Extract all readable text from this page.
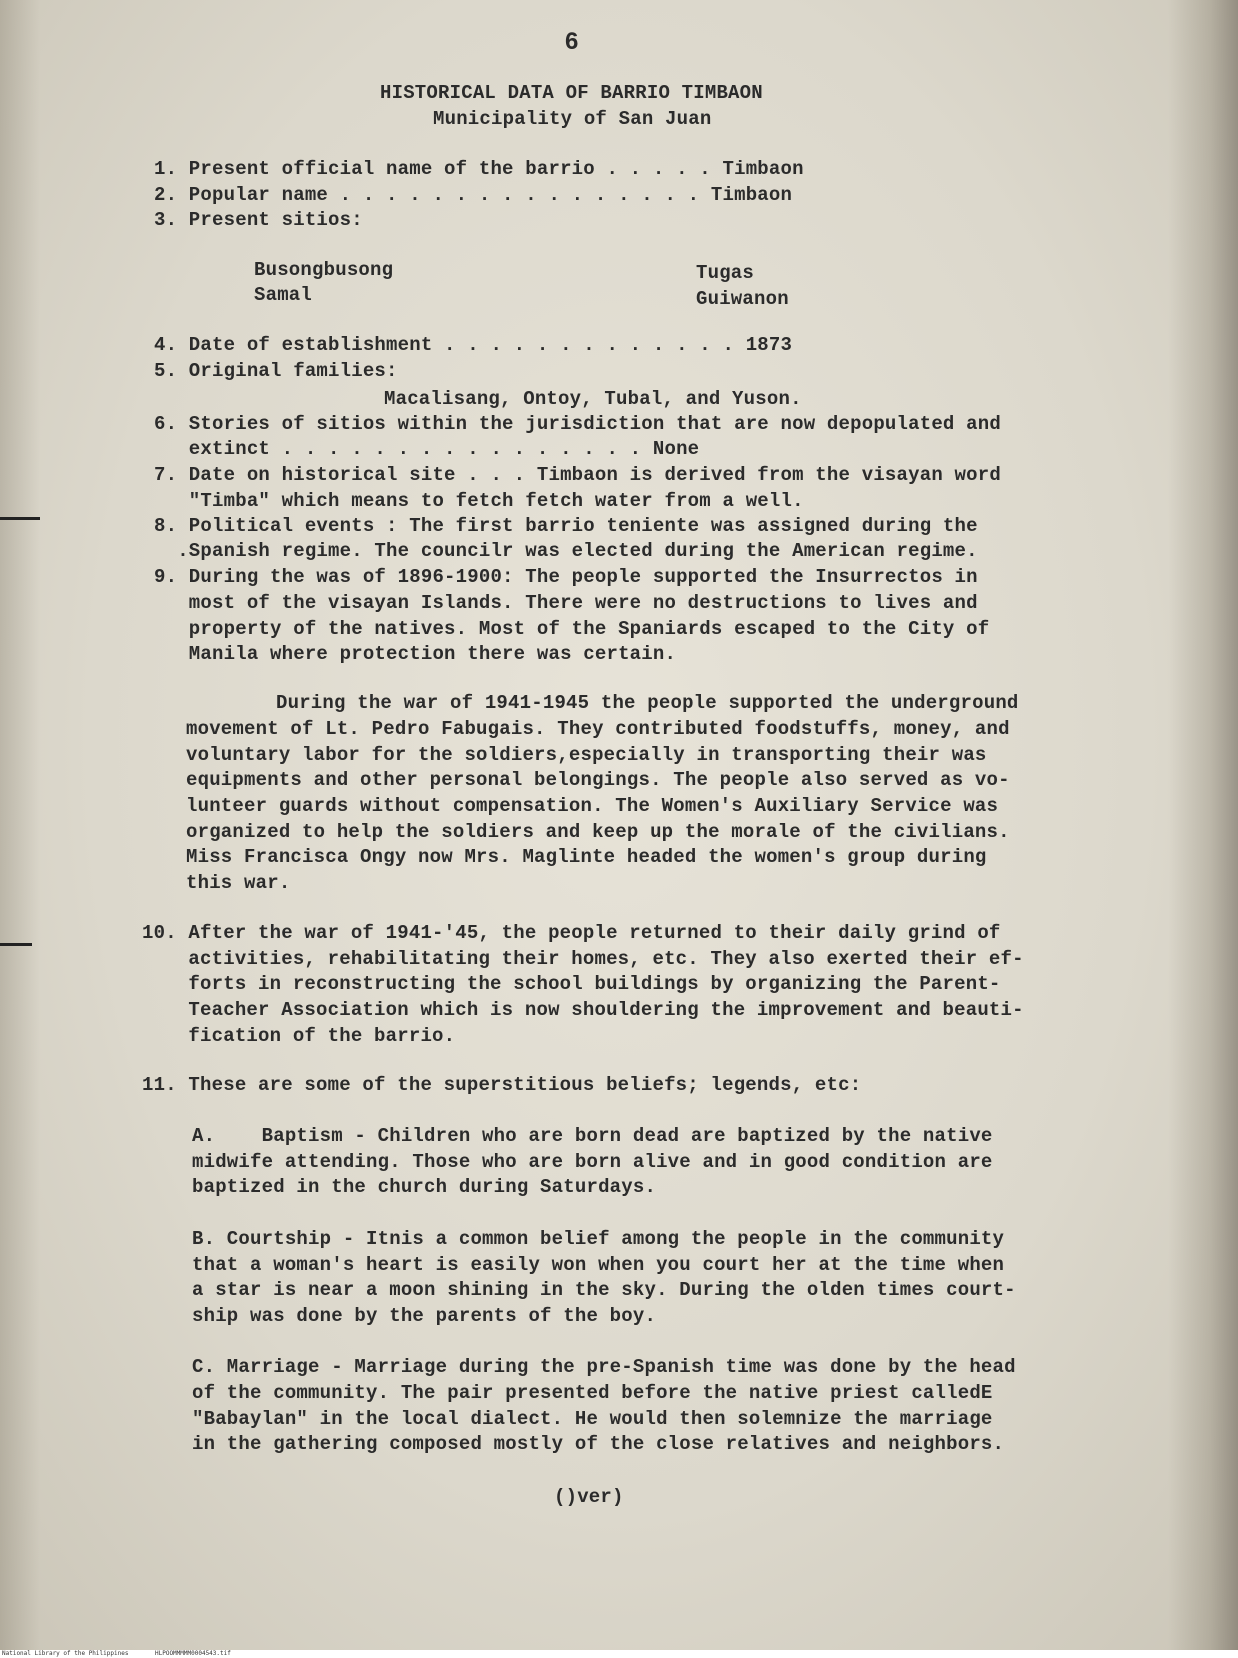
6
HISTORICAL DATA OF BARRIO TIMBAON
Municipality of San Juan
1. Present official name of the barrio . . . . . Timbaon
2. Popular name . . . . . . . . . . . . . . . . Timbaon
3. Present sitios:
Busongbusong
Samal
Tugas
Guiwanon
4. Date of establishment . . . . . . . . . . . . . 1873
5. Original families:
Macalisang, Ontoy, Tubal, and Yuson.
6. Stories of sitios within the jurisdiction that are now depopulated and
extinct . . . . . . . . . . . . . . . . None
7. Date on historical site . . . Timbaon is derived from the visayan word
"Timba" which means to fetch fetch water from a well.
8. Political events : The first barrio teniente was assigned during the
.Spanish regime. The councilr was elected during the American regime.
9. During the was of 1896-1900: The people supported the Insurrectos in
most of the visayan Islands. There were no destructions to lives and
property of the natives. Most of the Spaniards escaped to the City of
Manila where protection there was certain.
During the war of 1941-1945 the people supported the underground
movement of Lt. Pedro Fabugais. They contributed foodstuffs, money, and
voluntary labor for the soldiers,especially in transporting their was
equipments and other personal belongings. The people also served as vo-
lunteer guards without compensation. The Women's Auxiliary Service was
organized to help the soldiers and keep up the morale of the civilians.
Miss Francisca Ongy now Mrs. Maglinte headed the women's group during
this war.
10. After the war of 1941-'45, the people returned to their daily grind of
activities, rehabilitating their homes, etc. They also exerted their ef-
forts in reconstructing the school buildings by organizing the Parent-
Teacher Association which is now shouldering the improvement and beauti-
fication of the barrio.
11. These are some of the superstitious beliefs; legends, etc:
A.    Baptism - Children who are born dead are baptized by the native
midwife attending. Those who are born alive and in good condition are
baptized in the church during Saturdays.
B. Courtship - Itnis a common belief among the people in the community
that a woman's heart is easily won when you court her at the time when
a star is near a moon shining in the sky. During the olden times court-
ship was done by the parents of the boy.
C. Marriage - Marriage during the pre-Spanish time was done by the head
of the community. The pair presented before the native priest calledE
"Babaylan" in the local dialect. He would then solemnize the marriage
in the gathering composed mostly of the close relatives and neighbors.
()ver)
National Library of the Philippines	HLPOOMMMMM0004543.tif
